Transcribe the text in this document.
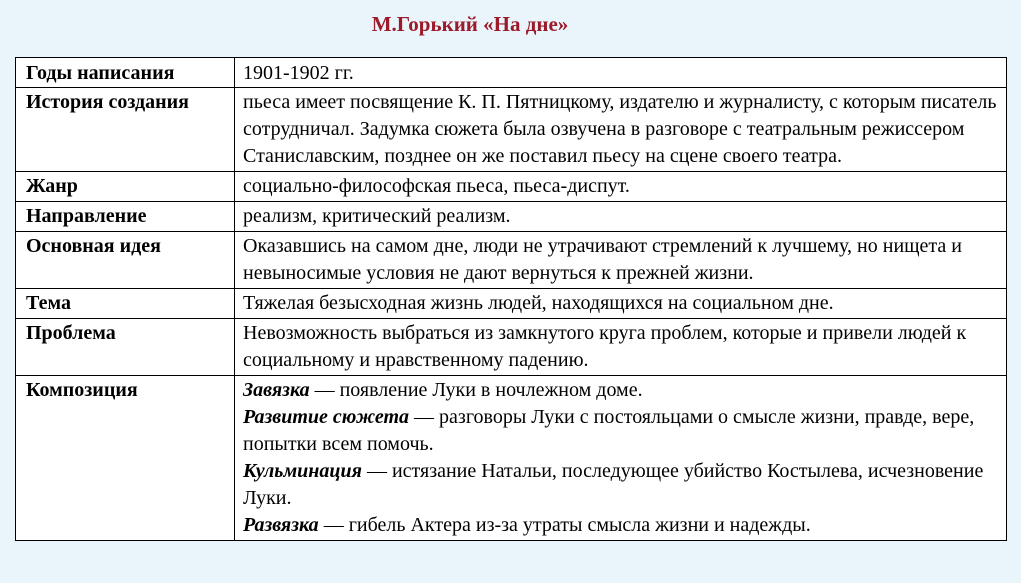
М.Горький «На дне»
Годы написания	1901-1902 гг.
История создания	пьеса имеет посвящение К. П. Пятницкому, издателю и журналисту, с которым писатель сотрудничал. Задумка сюжета была озвучена в разговоре с театральным режиссером Станиславским, позднее он же поставил пьесу на сцене своего театра.
Жанр	социально-философская пьеса, пьеса-диспут.
Направление	реализм, критический реализм.
Основная идея	Оказавшись на самом дне, люди не утрачивают стремлений к лучшему, но нищета и невыносимые условия не дают вернуться к прежней жизни.
Тема	Тяжелая безысходная жизнь людей, находящихся на социальном дне.
Проблема	Невозможность выбраться из замкнутого круга проблем, которые и привели людей к социальному и нравственному падению.
Композиция	Завязка — появление Луки в ночлежном доме.
Развитие сюжета — разговоры Луки с постояльцами о смысле жизни, правде, вере, попытки всем помочь.
Кульминация — истязание Натальи, последующее убийство Костылева, исчезновение Луки.
Развязка — гибель Актера из-за утраты смысла жизни и надежды.
